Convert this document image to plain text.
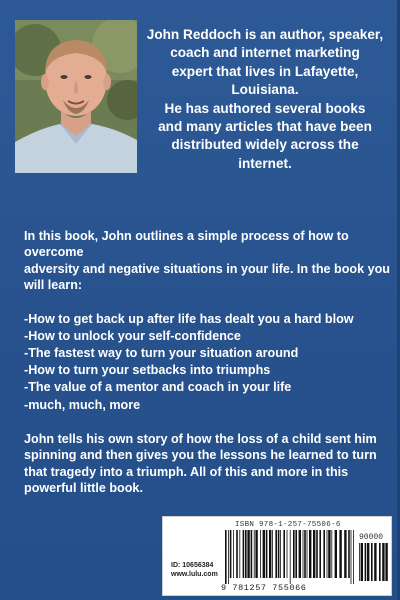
John Reddoch is an author, speaker,
coach and internet marketing
expert that lives in Lafayette, Louisiana.
He has authored several books
and many articles that have been
distributed widely across the
internet.
In this book, John outlines a simple process of how to overcome
adversity and negative situations in your life. In the book you
will learn:
-How to get back up after life has dealt you a hard blow
-How to unlock your self-confidence
-The fastest way to turn your situation around
-How to turn your setbacks into triumphs
-The value of a mentor and coach in your life
-much, much, more
John tells his own story of how the loss of a child sent him
spinning and then gives you the lessons he learned to turn
that tragedy into a triumph. All of this and more in this
powerful little book.
ID: 10656384
www.lulu.com
ISBN 978-1-257-75506-6
90000
9 781257 755066
